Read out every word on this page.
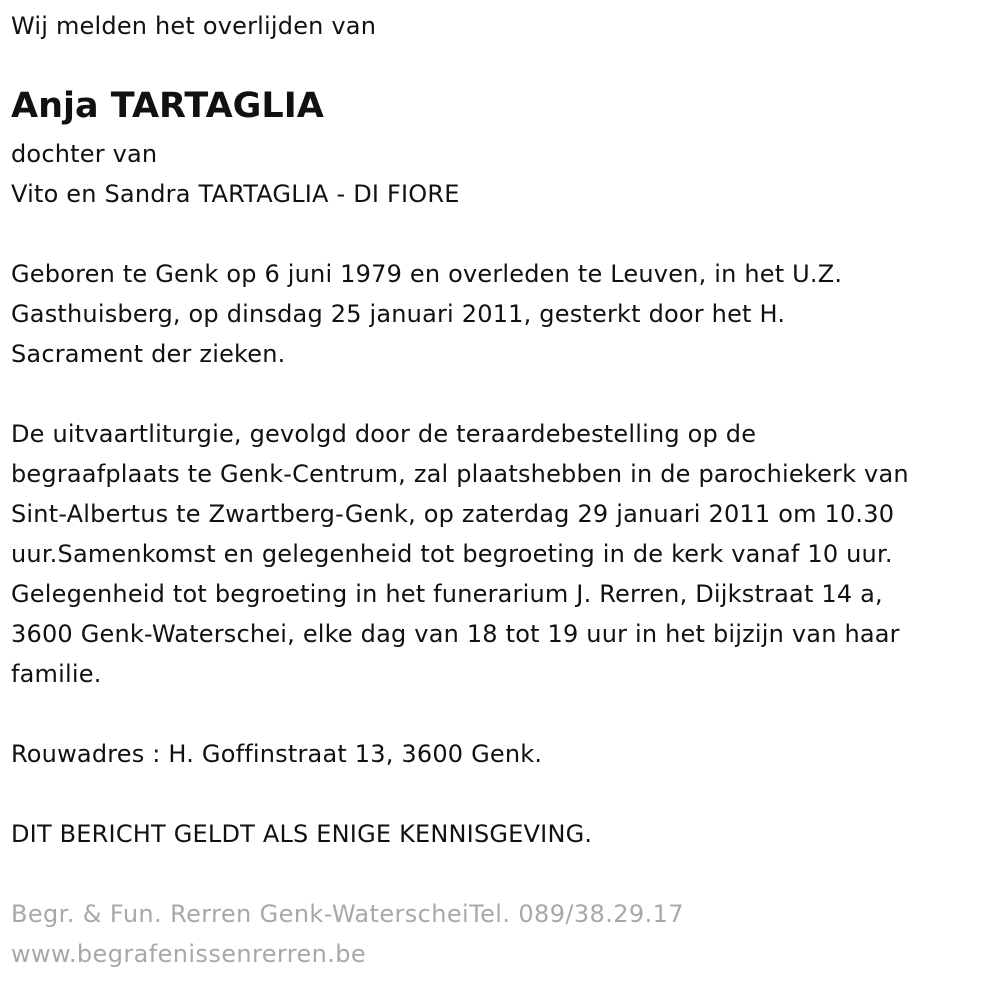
Wij melden het overlijden van
Anja TARTAGLIA
dochter van
Vito en Sandra TARTAGLIA - DI FIORE
Geboren te Genk op 6 juni 1979 en overleden te Leuven, in het U.Z.
Gasthuisberg, op dinsdag 25 januari 2011, gesterkt door het H.
Sacrament der zieken.
De uitvaartliturgie, gevolgd door de teraardebestelling op de
begraafplaats te Genk-Centrum, zal plaatshebben in de parochiekerk van
Sint-Albertus te Zwartberg-Genk, op zaterdag 29 januari 2011 om 10.30
uur.Samenkomst en gelegenheid tot begroeting in de kerk vanaf 10 uur.
Gelegenheid tot begroeting in het funerarium J. Rerren, Dijkstraat 14 a,
3600 Genk-Waterschei, elke dag van 18 tot 19 uur in het bijzijn van haar
familie.
Rouwadres : H. Goffinstraat 13, 3600 Genk.
DIT BERICHT GELDT ALS ENIGE KENNISGEVING.
Begr. & Fun. Rerren Genk-WaterscheiTel. 089/38.29.17
www.begrafenissenrerren.be
